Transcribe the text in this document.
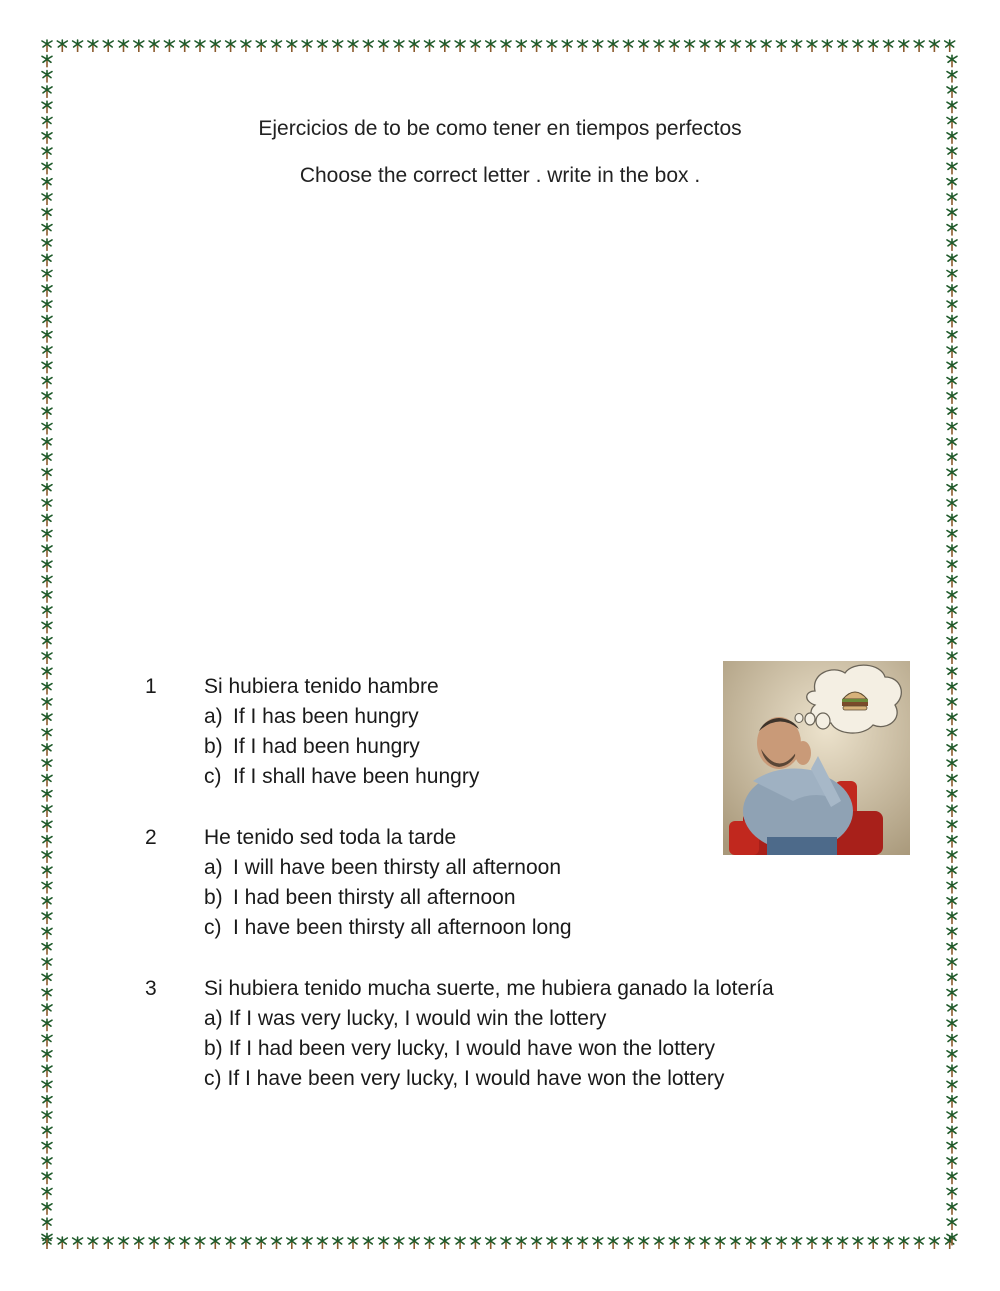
Ejercicios de to be como tener en tiempos perfectos
Choose the correct letter . write in the box .
1 Si hubiera tenido hambre
a) If I has been hungry
b) If I had been hungry
c) If I shall have been hungry
2 He tenido sed toda la tarde
a) I will have been thirsty all afternoon
b) I had been thirsty all afternoon
c) I have been thirsty all afternoon long
3 Si hubiera tenido mucha suerte, me hubiera ganado la lotería
a) If I was very lucky, I would win the lottery
b) If I had been very lucky, I would have won the lottery
c) If I have been very lucky, I would have won the lottery
